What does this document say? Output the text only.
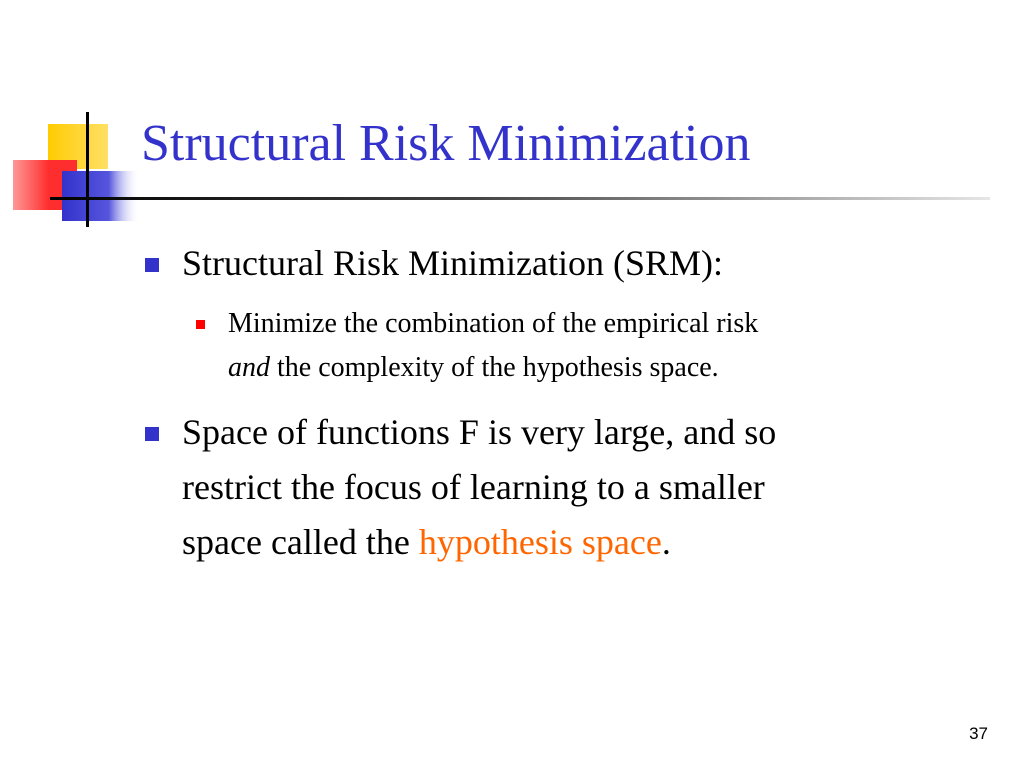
Structural Risk Minimization
Structural Risk Minimization (SRM):
Minimize the combination of the empirical risk
and the complexity of the hypothesis space.
Space of functions F is very large, and so
restrict the focus of learning to a smaller
space called the hypothesis space.
37
